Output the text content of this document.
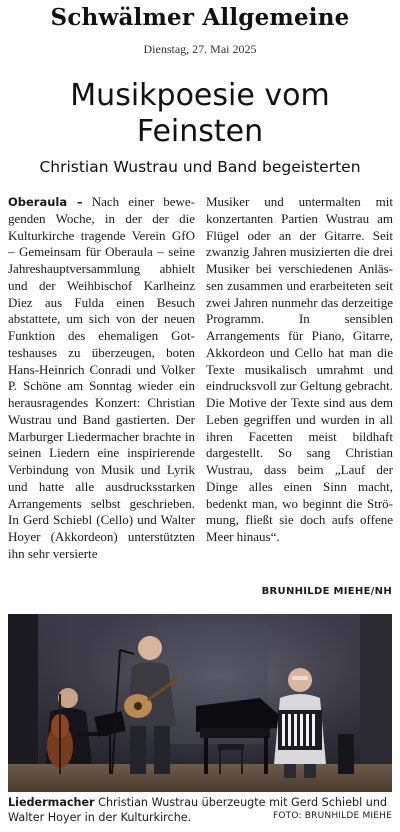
Schwälmer Allgemeine
Dienstag, 27. Mai 2025
Musikpoesie vom Feinsten
Christian Wustrau und Band begeisterten
Oberaula – Nach einer bewegenden Woche, in der der die Kulturkirche tragende Verein GfO – Gemeinsam für Oberaula – seine Jahreshauptversammlung abhielt und der Weihbischof Karlheinz Diez aus Fulda einen Besuch abstattete, um sich von der neuen Funktion des ehemaligen Gotteshauses zu überzeugen, boten Hans-Heinrich Conradi und Volker P. Schöne am Sonntag wieder ein herausragendes Konzert: Christian Wustrau und Band gastierten. Der Marburger Liedermacher brachte in seinen Liedern eine inspirierende Verbindung von Musik und Lyrik und hatte alle ausdrucksstarken Arrangements selbst geschrieben. In Gerd Schiebl (Cello) und Walter Hoyer (Akkordeon) unterstützten ihn sehr versierte
Musiker und untermalten mit konzertanten Partien Wustrau am Flügel oder an der Gitarre. Seit zwanzig Jahren musizierten die drei Musiker bei verschiedenen Anlässen zusammen und erarbeiteten seit zwei Jahren nunmehr das derzeitige Programm. In sensiblen Arrangements für Piano, Gitarre, Akkordeon und Cello hat man die Texte musikalisch umrahmt und eindrucksvoll zur Geltung gebracht. Die Motive der Texte sind aus dem Leben gegriffen und wurden in all ihren Facetten meist bildhaft dargestellt. So sang Christian Wustrau, dass beim „Lauf der Dinge alles einen Sinn macht, bedenkt man, wo beginnt die Strömung, fließt sie doch aufs offene Meer hinaus“.
BRUNHILDE MIEHE/NH
Liedermacher Christian Wustrau überzeugte mit Gerd Schiebl und Walter Hoyer in der Kulturkirche.	FOTO: BRUNHILDE MIEHE
